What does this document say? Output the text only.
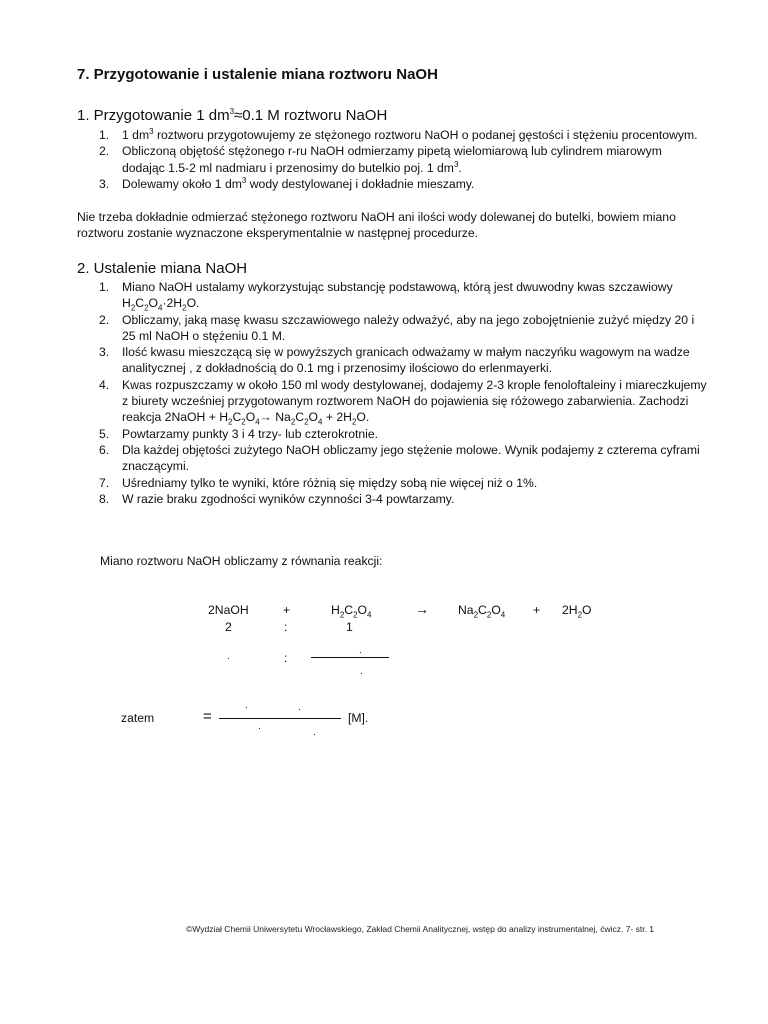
7. Przygotowanie i ustalenie miana roztworu NaOH
1. Przygotowanie 1 $dm^3\approx 0.1$ M roztworu NaOH
1. 1 $dm^3$ roztworu przygotowujemy ze stężonego roztworu NaOH o podanej gęstości i stężeniu procentowym.
2. Obliczoną objętość stężonego r-ru NaOH odmierzamy pipetą wielomiarową lub cylindrem miarowym dodając 1.5-2 ml nadmiaru i przenosimy do butelkio poj. 1 $dm^3$.
3. Dolewamy około 1 $dm^3$ wody destylowanej i dokładnie mieszamy.
Nie trzeba dokładnie odmierzać stężonego roztworu NaOH ani ilości wody dolewanej do butelki, bowiem miano roztworu zostanie wyznaczone eksperymentalnie w następnej procedurze.
2. Ustalenie miana NaOH
1. Miano NaOH ustalamy wykorzystując substancję podstawową, którą jest dwuwodny kwas szczawiowy $H_2C_2O_4\cdot 2H_2O$.
2. Obliczamy, jaką masę kwasu szczawiowego należy odważyć, aby na jego zobojętnienie zużyć między 20 i 25 ml NaOH o stężeniu 0.1 M.
3. Ilość kwasu mieszczącą się w powyższych granicach odważamy w małym naczyńku wagowym na wadze analitycznej , z dokładnością do 0.1 mg i przenosimy ilościowo do erlenmayerki.
4. Kwas rozpuszczamy w około 150 ml wody destylowanej, dodajemy 2-3 krople fenoloftaleiny i miareczkujemy z biurety wcześniej przygotowanym roztworem NaOH do pojawienia się różowego zabarwienia. Zachodzi reakcja 2NaOH + $H_2C_2O_4\to Na_2C_2O_4 + 2H_2O$.
5. Powtarzamy punkty 3 i 4 trzy- lub czterokrotnie.
6. Dla każdej objętości zużytego NaOH obliczamy jego stężenie molowe. Wynik podajemy z czterema cyframi znaczącymi.
7. Uśredniamy tylko te wyniki, które różnią się między sobą nie więcej niż o 1%.
8. W razie braku zgodności wyników czynności 3-4 powtarzamy.
Miano roztworu NaOH obliczamy z równania reakcji:
2NaOH	+	$H_2C_2O_4$	→ $Na_2C_2O_4 + 2H_2O$
2	:	1
.	:
.
.
zatem	=
.	.
.
.
[M].
©Wydział Chemii Uniwersytetu Wrocławskiego, Zakład Chemii Analitycznej, wstęp do analizy instrumentalnej, ćwicz. 7- str. 1
